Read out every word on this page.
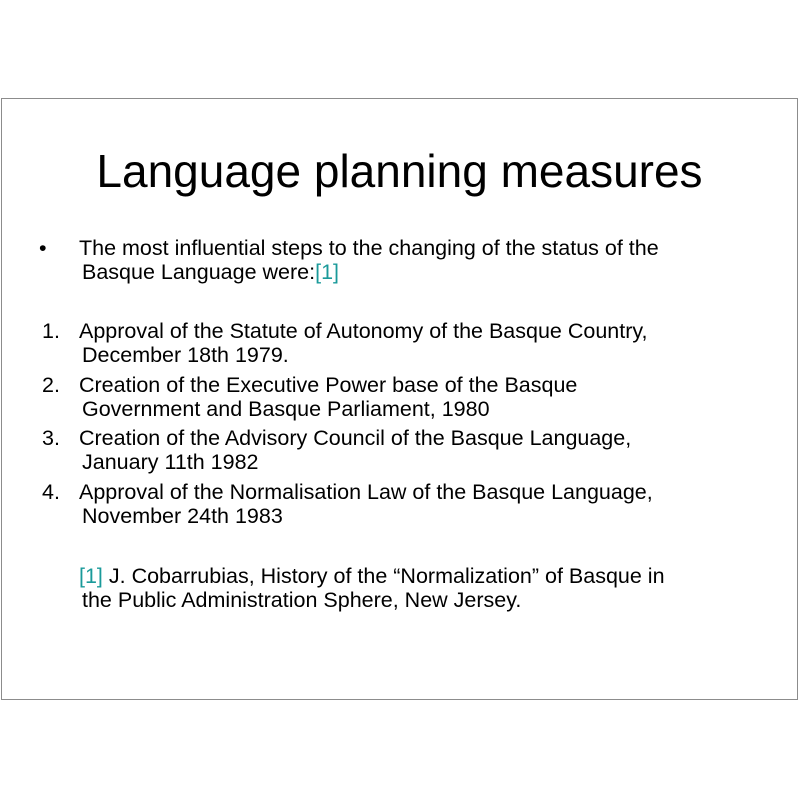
Language planning measures
•	The most influential steps to the changing of the status of the
Basque Language were:[1]
1. Approval of the Statute of Autonomy of the Basque Country,
December 18th 1979.
2. Creation of the Executive Power base of the Basque
Government and Basque Parliament, 1980
3. Creation of the Advisory Council of the Basque Language,
January 11th 1982
4. Approval of the Normalisation Law of the Basque Language,
November 24th 1983
[1] J. Cobarrubias, History of the “Normalization” of Basque in
the Public Administration Sphere, New Jersey.
